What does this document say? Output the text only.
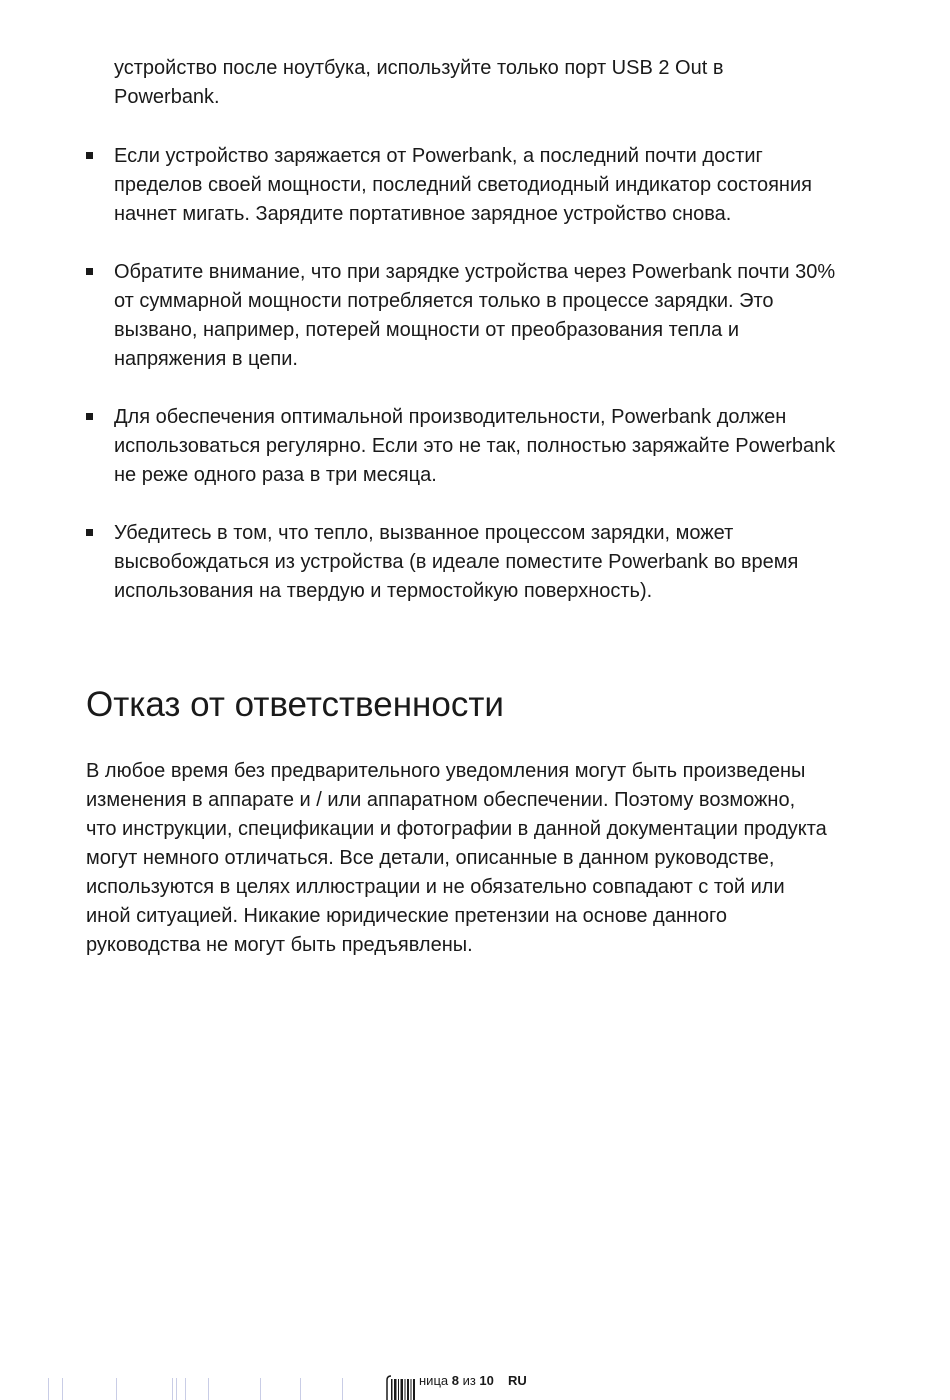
устройство после ноутбука, используйте только порт USB 2 Out в Powerbank.
Если устройство заряжается от Powerbank, а последний почти достиг пределов своей мощности, последний светодиодный индикатор состояния начнет мигать. Зарядите портативное зарядное устройство снова.
Обратите внимание, что при зарядке устройства через Powerbank почти 30% от суммарной мощности потребляется только в процессе зарядки. Это вызвано, например, потерей мощности от преобразования тепла и напряжения в цепи.
Для обеспечения оптимальной производительности, Powerbank должен использоваться регулярно. Если это не так, полностью заряжайте Powerbank не реже одного раза в три месяца.
Убедитесь в том, что тепло, вызванное процессом зарядки, может высвобождаться из устройства (в идеале поместите Powerbank во время использования на твердую и термостойкую поверхность).
Отказ от ответственности

В любое время без предварительного уведомления могут быть произведены изменения в аппарате и / или аппаратном обеспечении. Поэтому возможно, что инструкции, спецификации и фотографии в данной документации продукта могут немного отличаться. Все детали, описанные в данном руководстве, используются в целях иллюстрации и не обязательно совпадают с той или иной ситуацией. Никакие юридические претензии на основе данного руководства не могут быть предъявлены.

ница 8 из 10 RU
